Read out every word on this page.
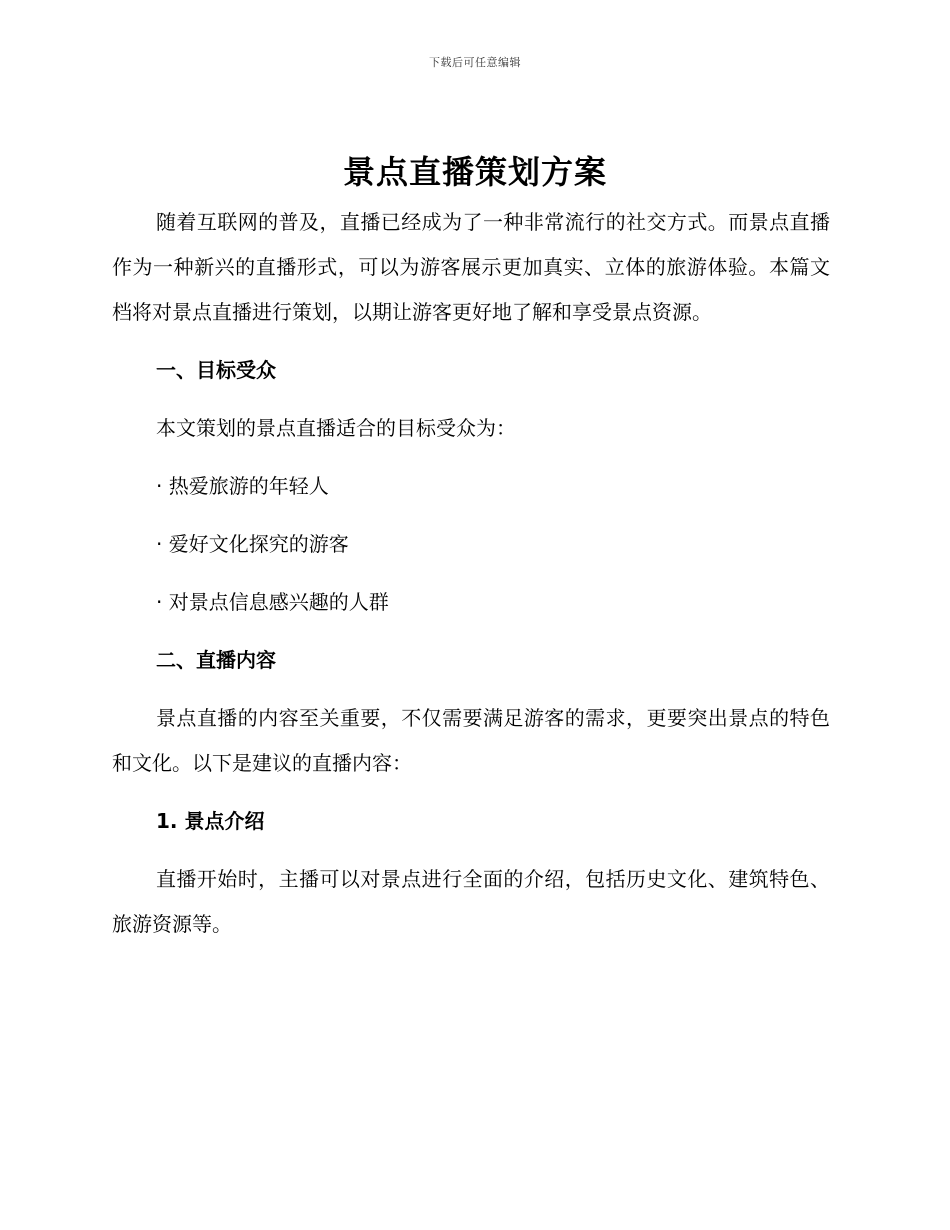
下载后可任意编辑
景点直播策划方案

随着互联网的普及，直播已经成为了一种非常流行的社交方式。而景点直播作为一种新兴的直播形式，可以为游客展示更加真实、立体的旅游体验。本篇文档将对景点直播进行策划，以期让游客更好地了解和享受景点资源。

一、目标受众

本文策划的景点直播适合的目标受众为：

· 热爱旅游的年轻人

· 爱好文化探究的游客

· 对景点信息感兴趣的人群

二、直播内容

景点直播的内容至关重要，不仅需要满足游客的需求，更要突出景点的特色和文化。以下是建议的直播内容：

1. 景点介绍

直播开始时，主播可以对景点进行全面的介绍，包括历史文化、建筑特色、旅游资源等。
